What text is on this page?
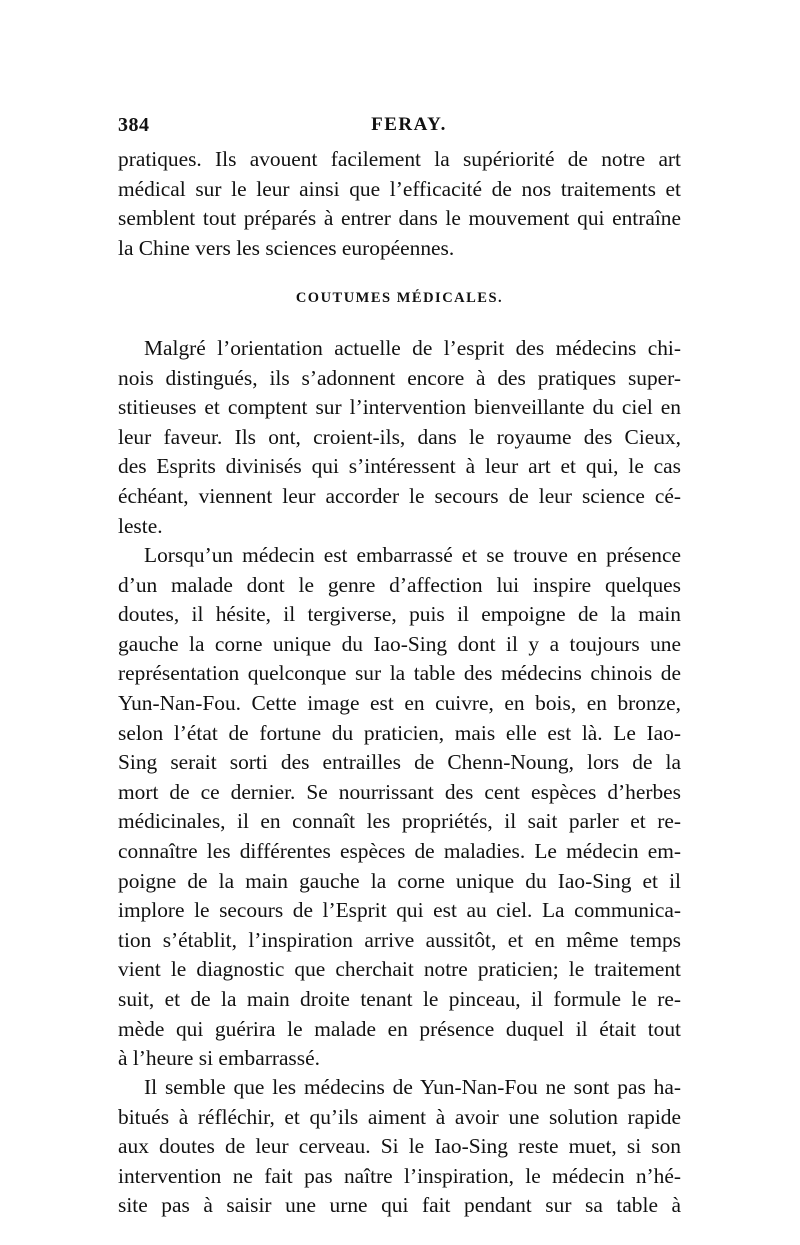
384	FERAY.
pratiques. Ils avouent facilement la supériorité de notre art
médical sur le leur ainsi que l’efficacité de nos traitements et
semblent tout préparés à entrer dans le mouvement qui entraîne
la Chine vers les sciences européennes.
COUTUMES MÉDICALES.
Malgré l’orientation actuelle de l’esprit des médecins chi-
nois distingués, ils s’adonnent encore à des pratiques super-
stitieuses et comptent sur l’intervention bienveillante du ciel en
leur faveur. Ils ont, croient-ils, dans le royaume des Cieux,
des Esprits divinisés qui s’intéressent à leur art et qui, le cas
échéant, viennent leur accorder le secours de leur science cé-
leste.
Lorsqu’un médecin est embarrassé et se trouve en présence
d’un malade dont le genre d’affection lui inspire quelques
doutes, il hésite, il tergiverse, puis il empoigne de la main
gauche la corne unique du Iao-Sing dont il y a toujours une
représentation quelconque sur la table des médecins chinois de
Yun-Nan-Fou. Cette image est en cuivre, en bois, en bronze,
selon l’état de fortune du praticien, mais elle est là. Le Iao-
Sing serait sorti des entrailles de Chenn-Noung, lors de la
mort de ce dernier. Se nourrissant des cent espèces d’herbes
médicinales, il en connaît les propriétés, il sait parler et re-
connaître les différentes espèces de maladies. Le médecin em-
poigne de la main gauche la corne unique du Iao-Sing et il
implore le secours de l’Esprit qui est au ciel. La communica-
tion s’établit, l’inspiration arrive aussitôt, et en même temps
vient le diagnostic que cherchait notre praticien; le traitement
suit, et de la main droite tenant le pinceau, il formule le re-
mède qui guérira le malade en présence duquel il était tout
à l’heure si embarrassé.
Il semble que les médecins de Yun-Nan-Fou ne sont pas ha-
bitués à réfléchir, et qu’ils aiment à avoir une solution rapide
aux doutes de leur cerveau. Si le Iao-Sing reste muet, si son
intervention ne fait pas naître l’inspiration, le médecin n’hé-
site pas à saisir une urne qui fait pendant sur sa table à
